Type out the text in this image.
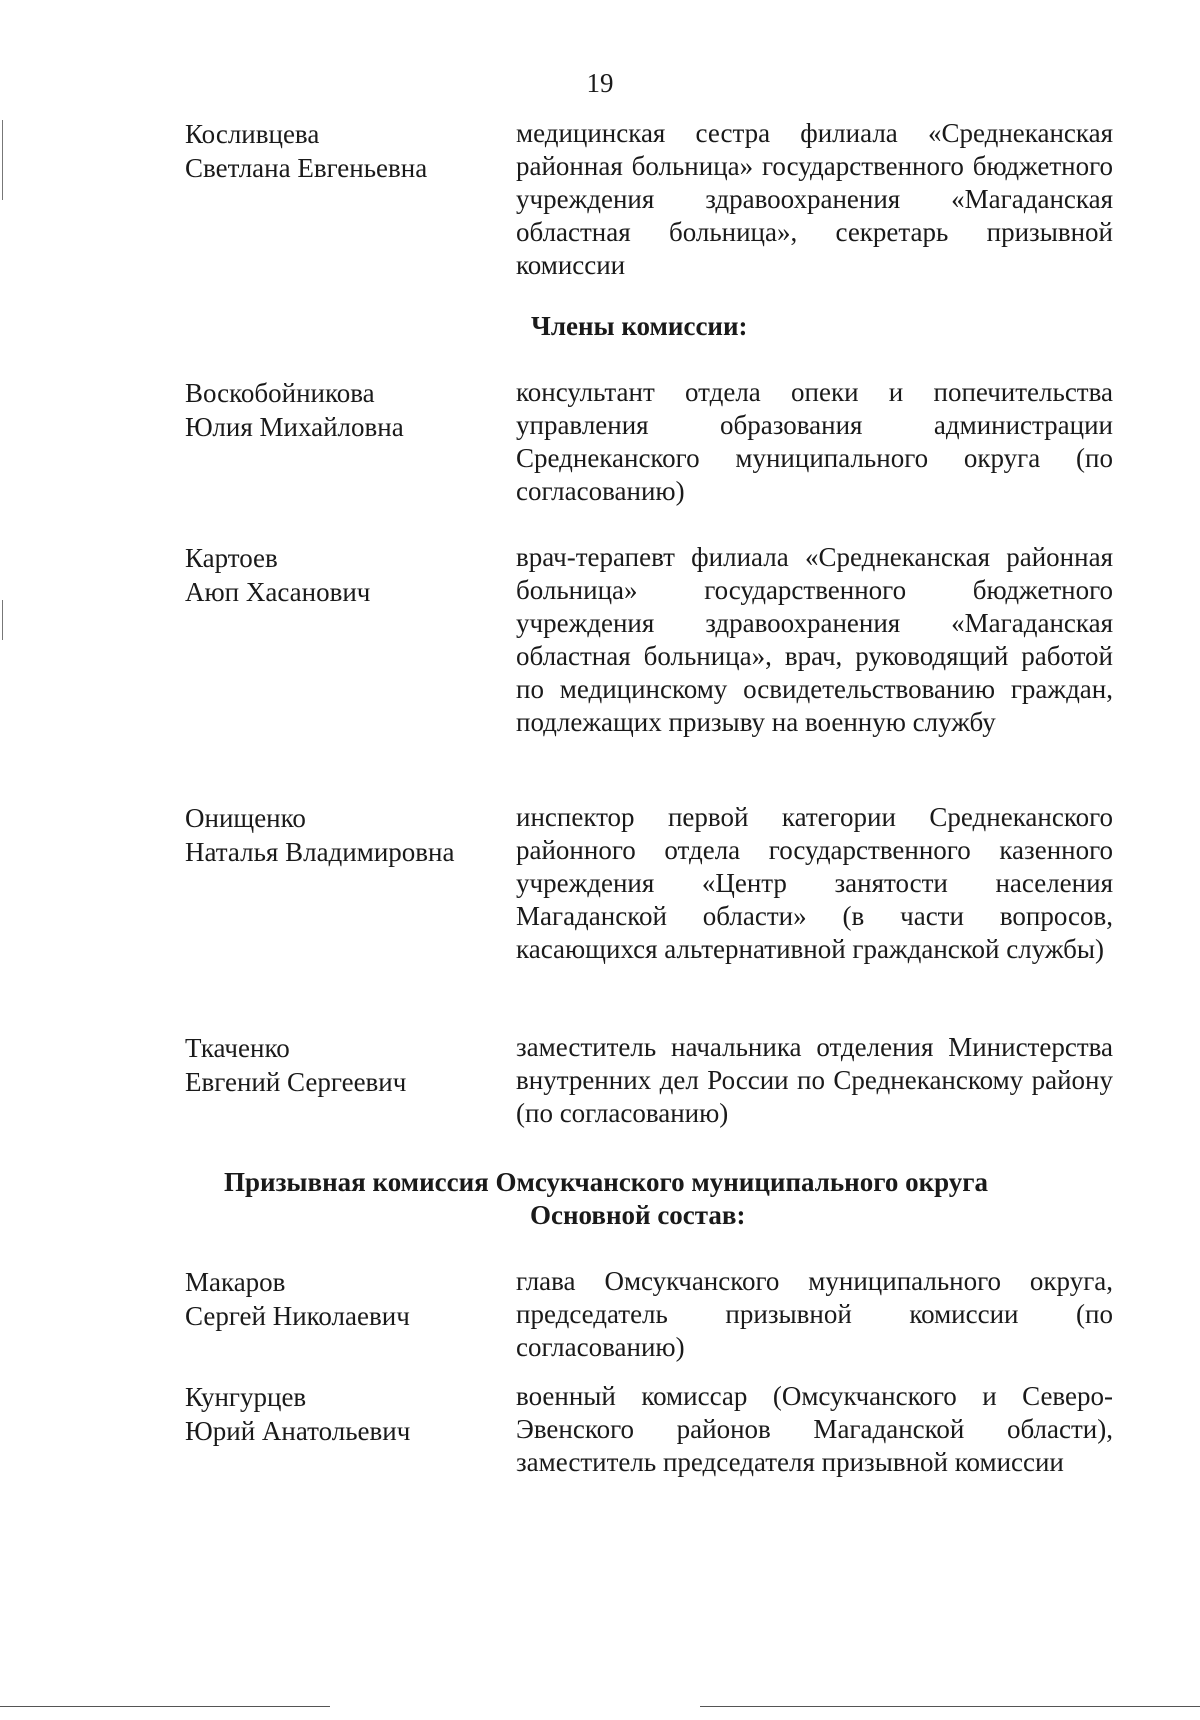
19
Косливцева
Светлана Евгеньевна
медицинская сестра филиала «Среднеканская районная больница» государственного бюджетного учреждения здравоохранения «Магаданская областная больница», секретарь призывной комиссии
Члены комиссии:
Воскобойникова
Юлия Михайловна
консультант отдела опеки и попечительства управления образования администрации Среднеканского муниципального округа (по согласованию)
Картоев
Аюп Хасанович
врач-терапевт филиала «Среднеканская районная больница» государственного бюджетного учреждения здравоохранения «Магаданская областная больница», врач, руководящий работой по медицинскому освидетельствованию граждан, подлежащих призыву на военную службу
Онищенко
Наталья Владимировна
инспектор первой категории Среднеканского районного отдела государственного казенного учреждения «Центр занятости населения Магаданской области» (в части вопросов, касающихся альтернативной гражданской службы)
Ткаченко
Евгений Сергеевич
заместитель начальника отделения Министерства внутренних дел России по Среднеканскому району (по согласованию)
Призывная комиссия Омсукчанского муниципального округа
Основной состав:
Макаров
Сергей Николаевич
глава Омсукчанского муниципального округа, председатель призывной комиссии (по согласованию)
Кунгурцев
Юрий Анатольевич
военный комиссар (Омсукчанского и Северо-Эвенского районов Магаданской области), заместитель председателя призывной комиссии
